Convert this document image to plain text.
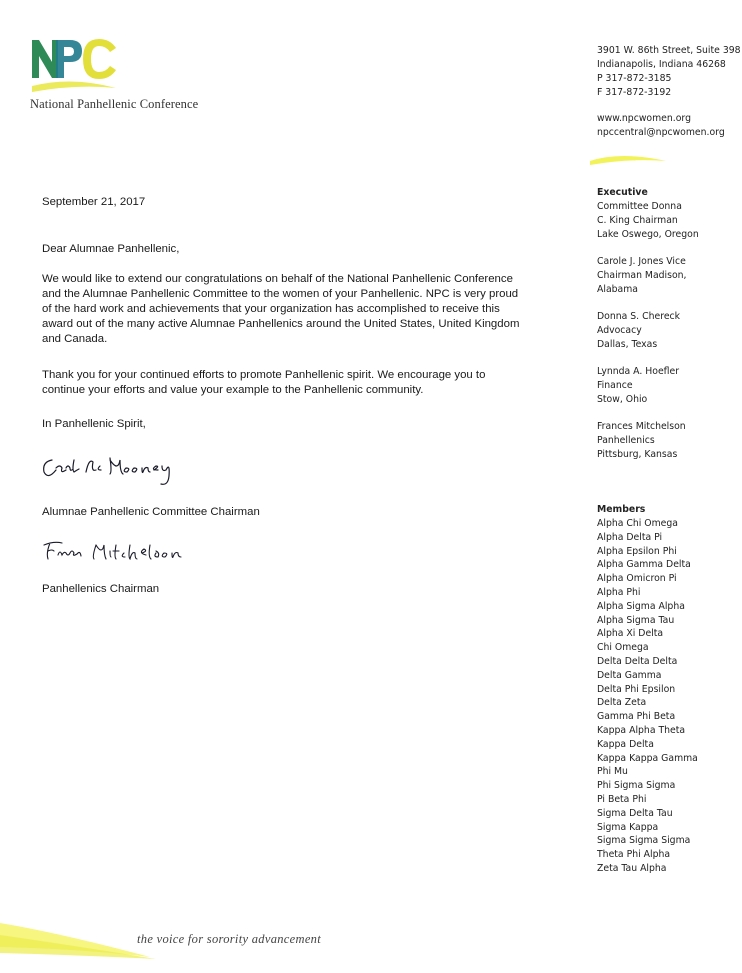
National Panhellenic Conference
3901 W. 86th Street, Suite 398
Indianapolis, Indiana 46268
P 317-872-3185
F 317-872-3192
www.npcwomen.org
npccentral@npcwomen.org
Executive
Committee Donna
C. King Chairman
Lake Oswego, Oregon
Carole J. Jones Vice
Chairman Madison,
Alabama
Donna S. Chereck
Advocacy
Dallas, Texas
Lynnda A. Hoefler
Finance
Stow, Ohio
Frances Mitchelson
Panhellenics
Pittsburg, Kansas
Members
Alpha Chi Omega
Alpha Delta Pi
Alpha Epsilon Phi
Alpha Gamma Delta
Alpha Omicron Pi
Alpha Phi
Alpha Sigma Alpha
Alpha Sigma Tau
Alpha Xi Delta
Chi Omega
Delta Delta Delta
Delta Gamma
Delta Phi Epsilon
Delta Zeta
Gamma Phi Beta
Kappa Alpha Theta
Kappa Delta
Kappa Kappa Gamma
Phi Mu
Phi Sigma Sigma
Pi Beta Phi
Sigma Delta Tau
Sigma Kappa
Sigma Sigma Sigma
Theta Phi Alpha
Zeta Tau Alpha
September 21, 2017
Dear Alumnae Panhellenic,
We would like to extend our congratulations on behalf of the National Panhellenic Conference
and the Alumnae Panhellenic Committee to the women of your Panhellenic. NPC is very proud
of the hard work and achievements that your organization has accomplished to receive this
award out of the many active Alumnae Panhellenics around the United States, United Kingdom
and Canada.
Thank you for your continued efforts to promote Panhellenic spirit. We encourage you to
continue your efforts and value your example to the Panhellenic community.
In Panhellenic Spirit,
Alumnae Panhellenic Committee Chairman
Panhellenics Chairman
the voice for sorority advancement
